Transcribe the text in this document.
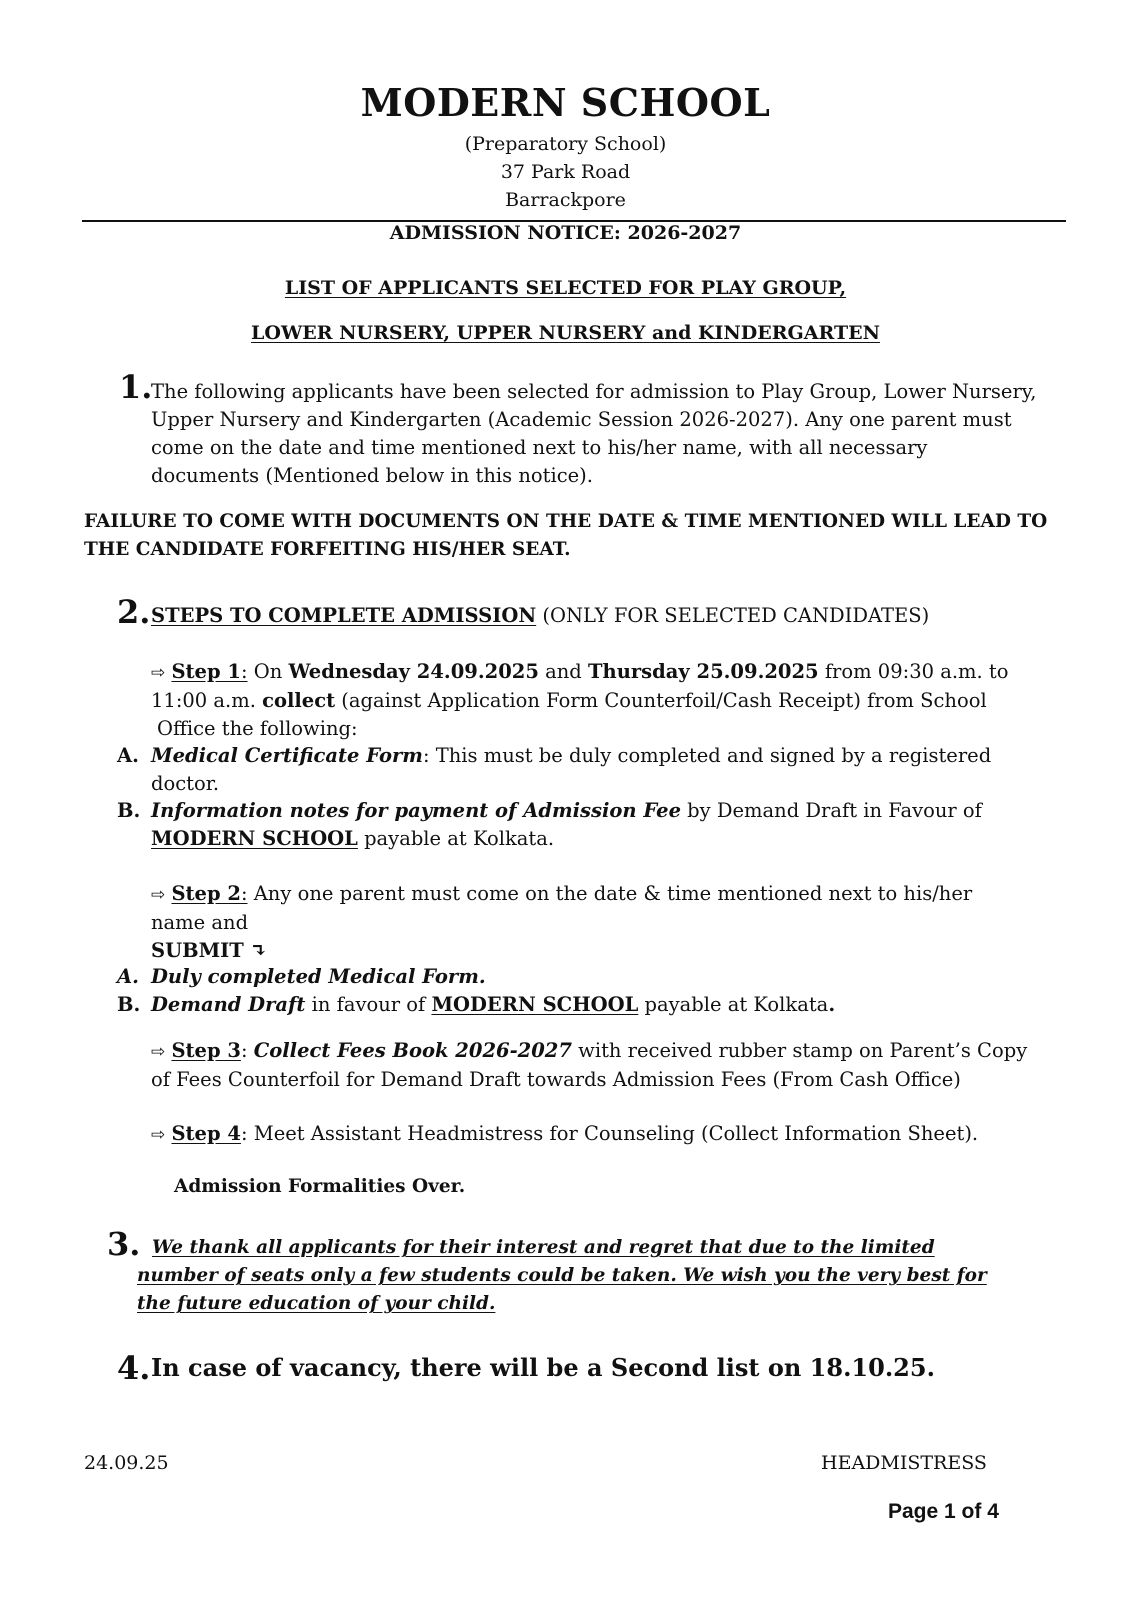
MODERN SCHOOL
(Preparatory School)
37 Park Road
Barrackpore
ADMISSION NOTICE: 2026-2027
LIST OF APPLICANTS SELECTED FOR PLAY GROUP,
LOWER NURSERY, UPPER NURSERY and KINDERGARTEN
1.
The following applicants have been selected for admission to Play Group, Lower Nursery,
Upper Nursery and Kindergarten (Academic Session 2026-2027). Any one parent must
come on the date and time mentioned next to his/her name, with all necessary
documents (Mentioned below in this notice).
FAILURE TO COME WITH DOCUMENTS ON THE DATE & TIME MENTIONED WILL LEAD TO
THE CANDIDATE FORFEITING HIS/HER SEAT.
2. STEPS TO COMPLETE ADMISSION (ONLY FOR SELECTED CANDIDATES)
⇨ Step 1: On Wednesday 24.09.2025 and Thursday 25.09.2025 from 09:30 a.m. to
11:00 a.m. collect (against Application Form Counterfoil/Cash Receipt) from School
Office the following:
A. Medical Certificate Form: This must be duly completed and signed by a registered
doctor.
B. Information notes for payment of Admission Fee by Demand Draft in Favour of
MODERN SCHOOL payable at Kolkata.
⇨ Step 2: Any one parent must come on the date & time mentioned next to his/her
name and
SUBMIT ↴
A. Duly completed Medical Form.
B. Demand Draft in favour of MODERN SCHOOL payable at Kolkata.
⇨ Step 3: Collect Fees Book 2026-2027 with received rubber stamp on Parent’s Copy
of Fees Counterfoil for Demand Draft towards Admission Fees (From Cash Office)
⇨ Step 4: Meet Assistant Headmistress for Counseling (Collect Information Sheet).
Admission Formalities Over.
3. We thank all applicants for their interest and regret that due to the limited
number of seats only a few students could be taken. We wish you the very best for
the future education of your child.
4. In case of vacancy, there will be a Second list on 18.10.25.
24.09.25	HEADMISTRESS
Page 1 of 4
